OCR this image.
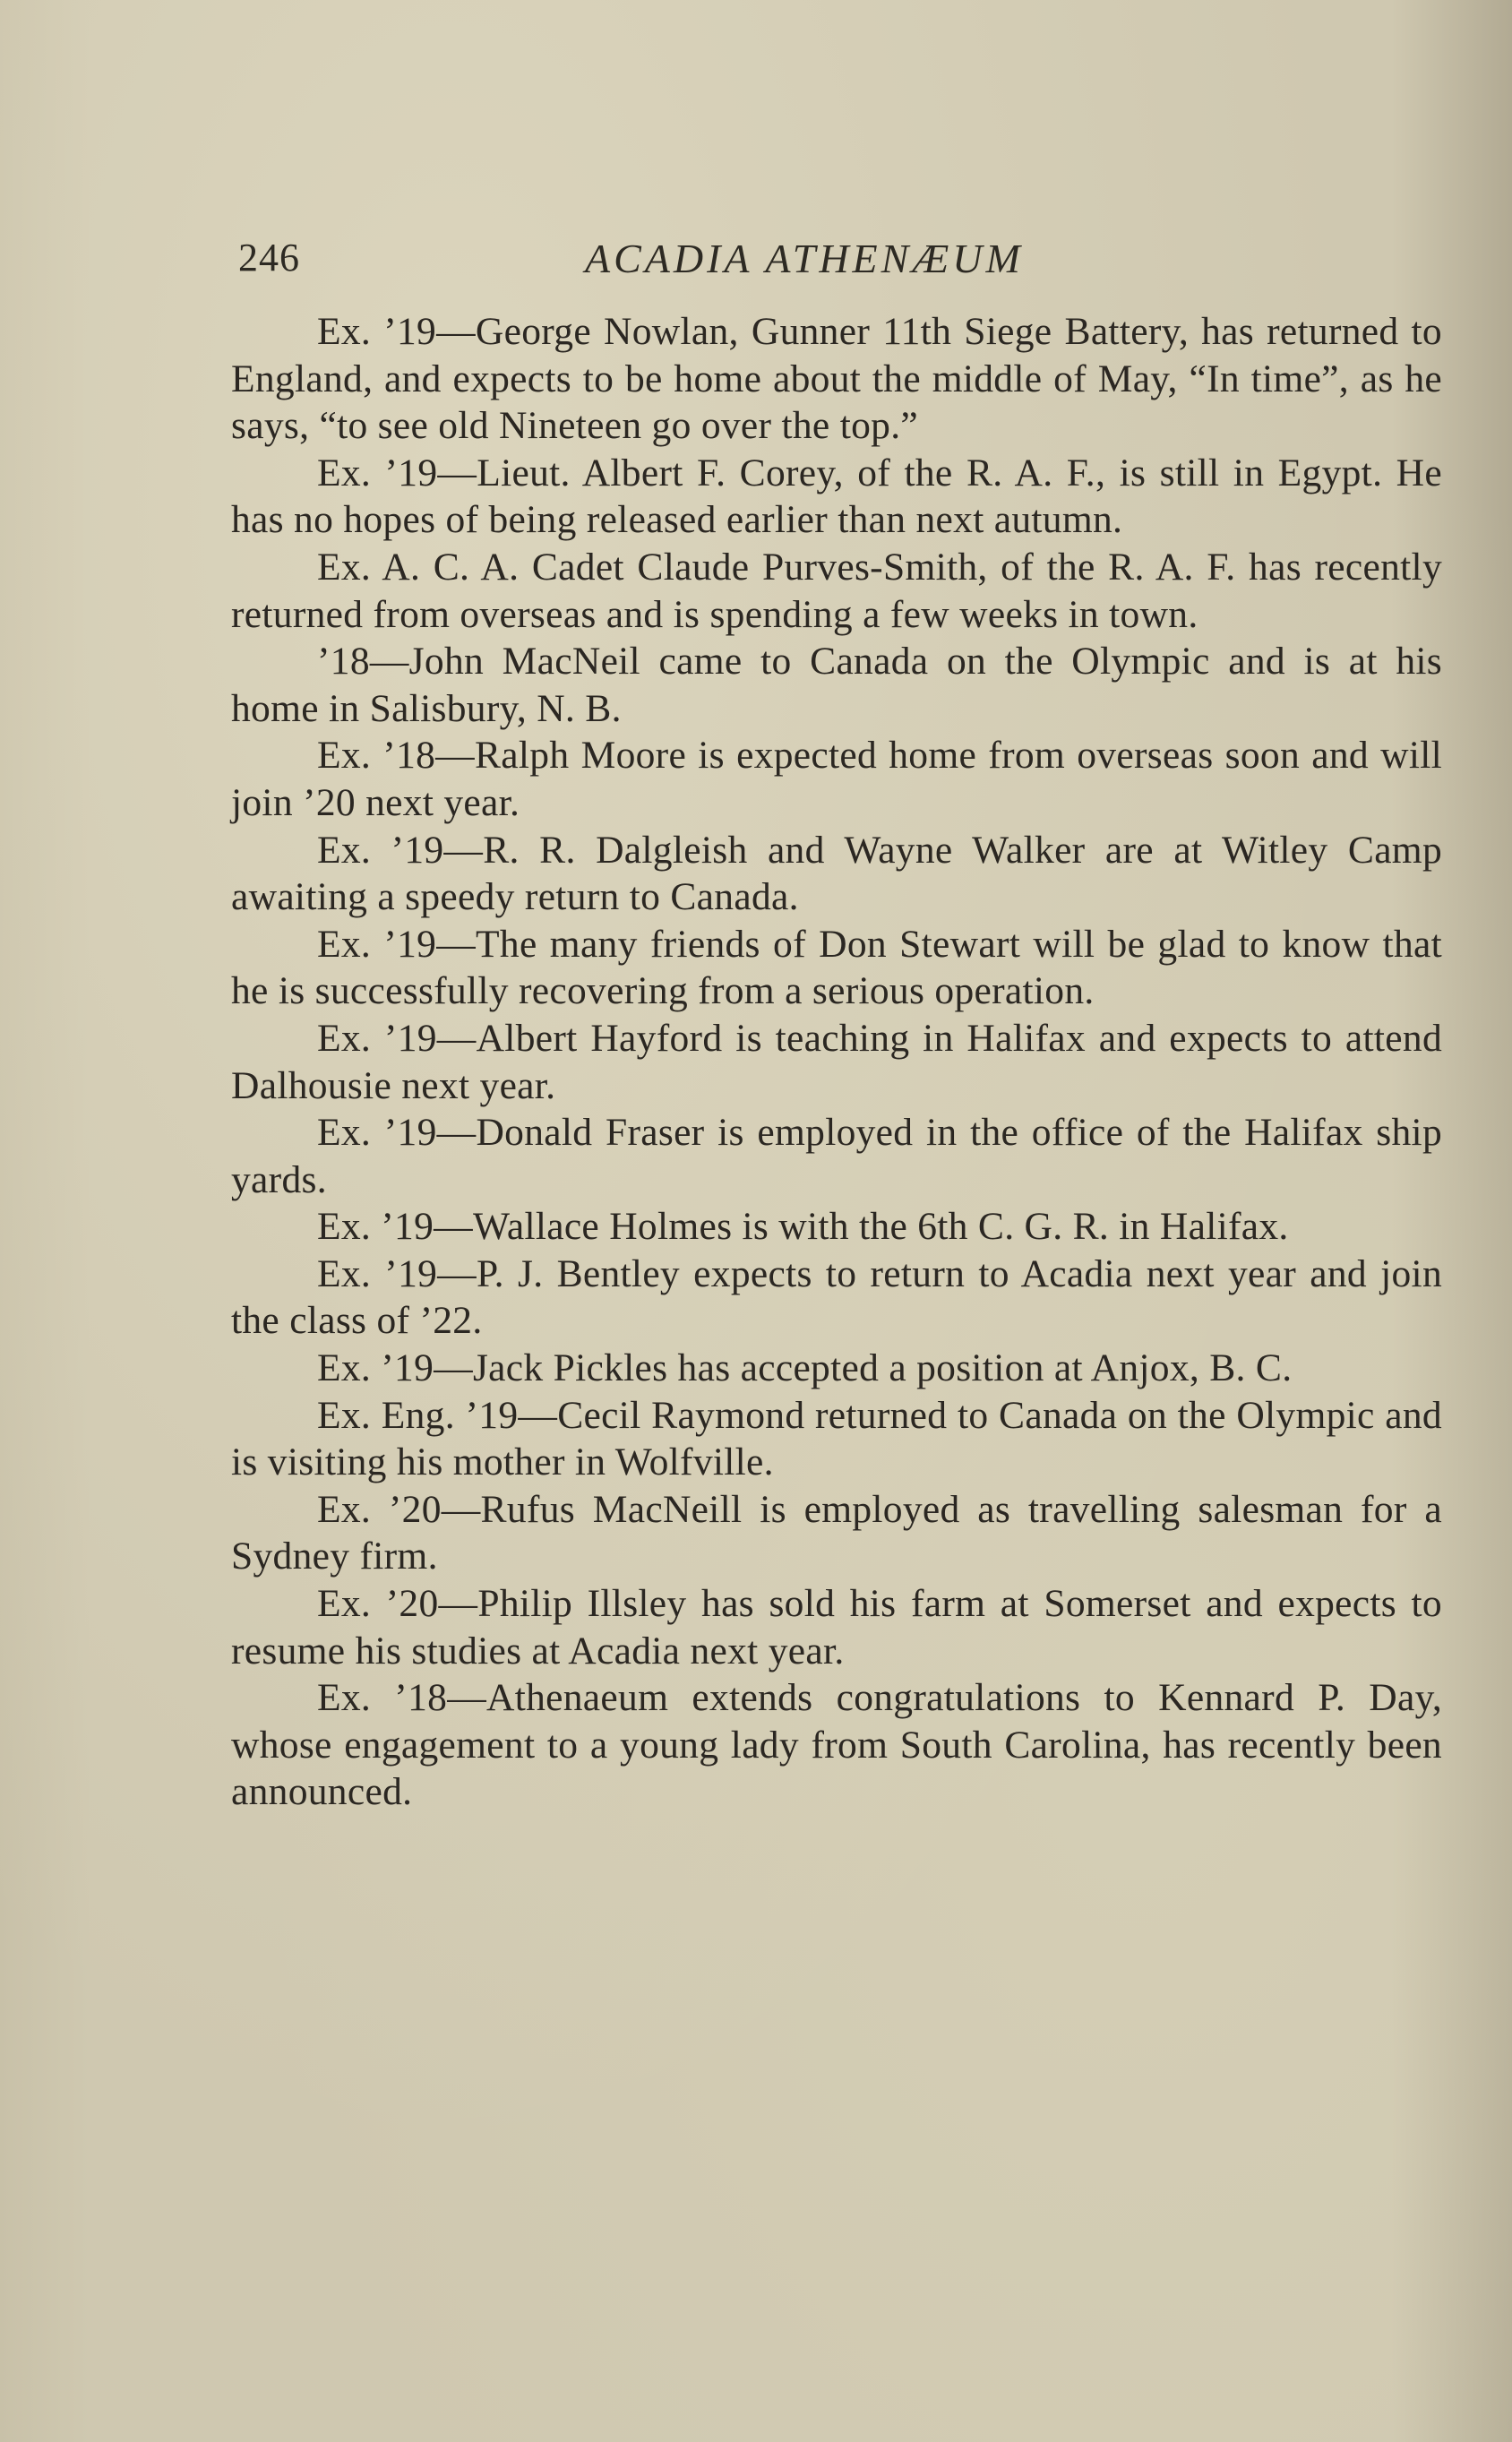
246	ACADIA ATHENÆUM

Ex. ’19—George Nowlan, Gunner 11th Siege Battery, has returned to England, and expects to be home about the middle of May, “In time”, as he says, “to see old Nineteen go over the top.”

Ex. ’19—Lieut. Albert F. Corey, of the R. A. F., is still in Egypt. He has no hopes of being released earlier than next autumn.

Ex. A. C. A. Cadet Claude Purves-Smith, of the R. A. F. has recently returned from overseas and is spending a few weeks in town.

’18—John MacNeil came to Canada on the Olympic and is at his home in Salisbury, N. B.

Ex. ’18—Ralph Moore is expected home from overseas soon and will join ’20 next year.

Ex. ’19—R. R. Dalgleish and Wayne Walker are at Witley Camp awaiting a speedy return to Canada.

Ex. ’19—The many friends of Don Stewart will be glad to know that he is successfully recovering from a serious operation.

Ex. ’19—Albert Hayford is teaching in Halifax and expects to attend Dalhousie next year.

Ex. ’19—Donald Fraser is employed in the office of the Halifax ship yards.

Ex. ’19—Wallace Holmes is with the 6th C. G. R. in Halifax.

Ex. ’19—P. J. Bentley expects to return to Acadia next year and join the class of ’22.

Ex. ’19—Jack Pickles has accepted a position at Anjox, B. C.

Ex. Eng. ’19—Cecil Raymond returned to Canada on the Olympic and is visiting his mother in Wolfville.

Ex. ’20—Rufus MacNeill is employed as travelling salesman for a Sydney firm.

Ex. ’20—Philip Illsley has sold his farm at Somerset and expects to resume his studies at Acadia next year.

Ex. ’18—Athenaeum extends congratulations to Kennard P. Day, whose engagement to a young lady from South Carolina, has recently been announced.
